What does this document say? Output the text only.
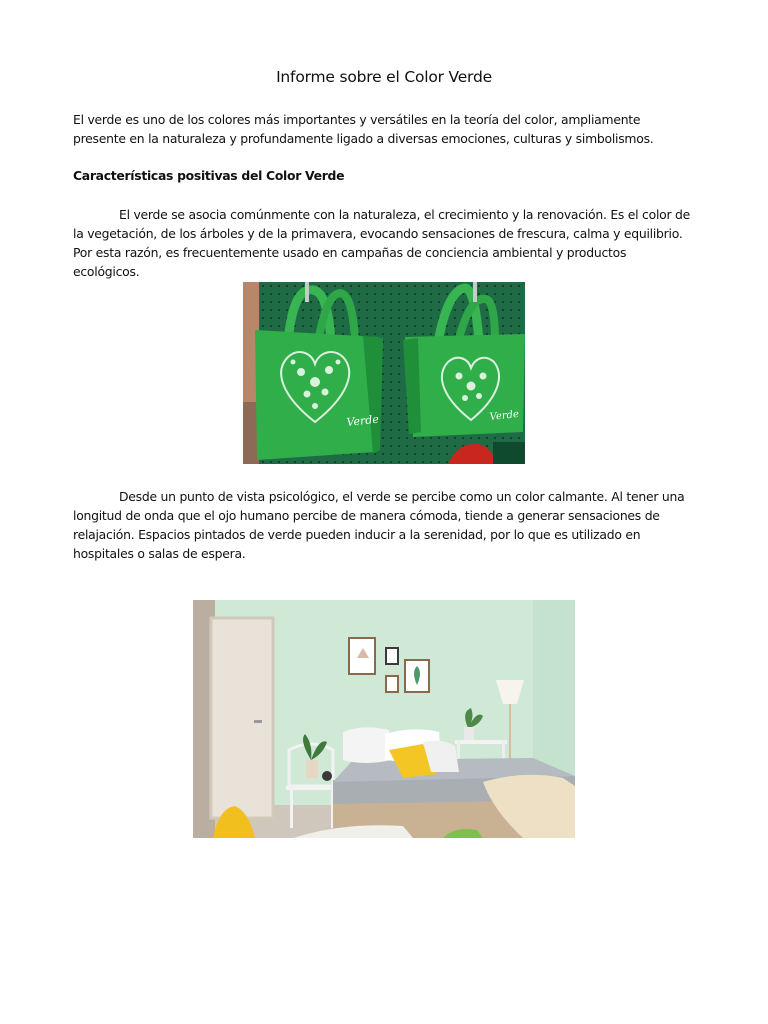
Informe sobre el Color Verde

El verde es uno de los colores más importantes y versátiles en la teoría del color, ampliamente presente en la naturaleza y profundamente ligado a diversas emociones, culturas y simbolismos.

Características positivas del Color Verde

El verde se asocia comúnmente con la naturaleza, el crecimiento y la renovación. Es el color de la vegetación, de los árboles y de la primavera, evocando sensaciones de frescura, calma y equilibrio. Por esta razón, es frecuentemente usado en campañas de conciencia ambiental y productos ecológicos.

Verde	Verde

Desde un punto de vista psicológico, el verde se percibe como un color calmante. Al tener una longitud de onda que el ojo humano percibe de manera cómoda, tiende a generar sensaciones de relajación. Espacios pintados de verde pueden inducir a la serenidad, por lo que es utilizado en hospitales o salas de espera.
